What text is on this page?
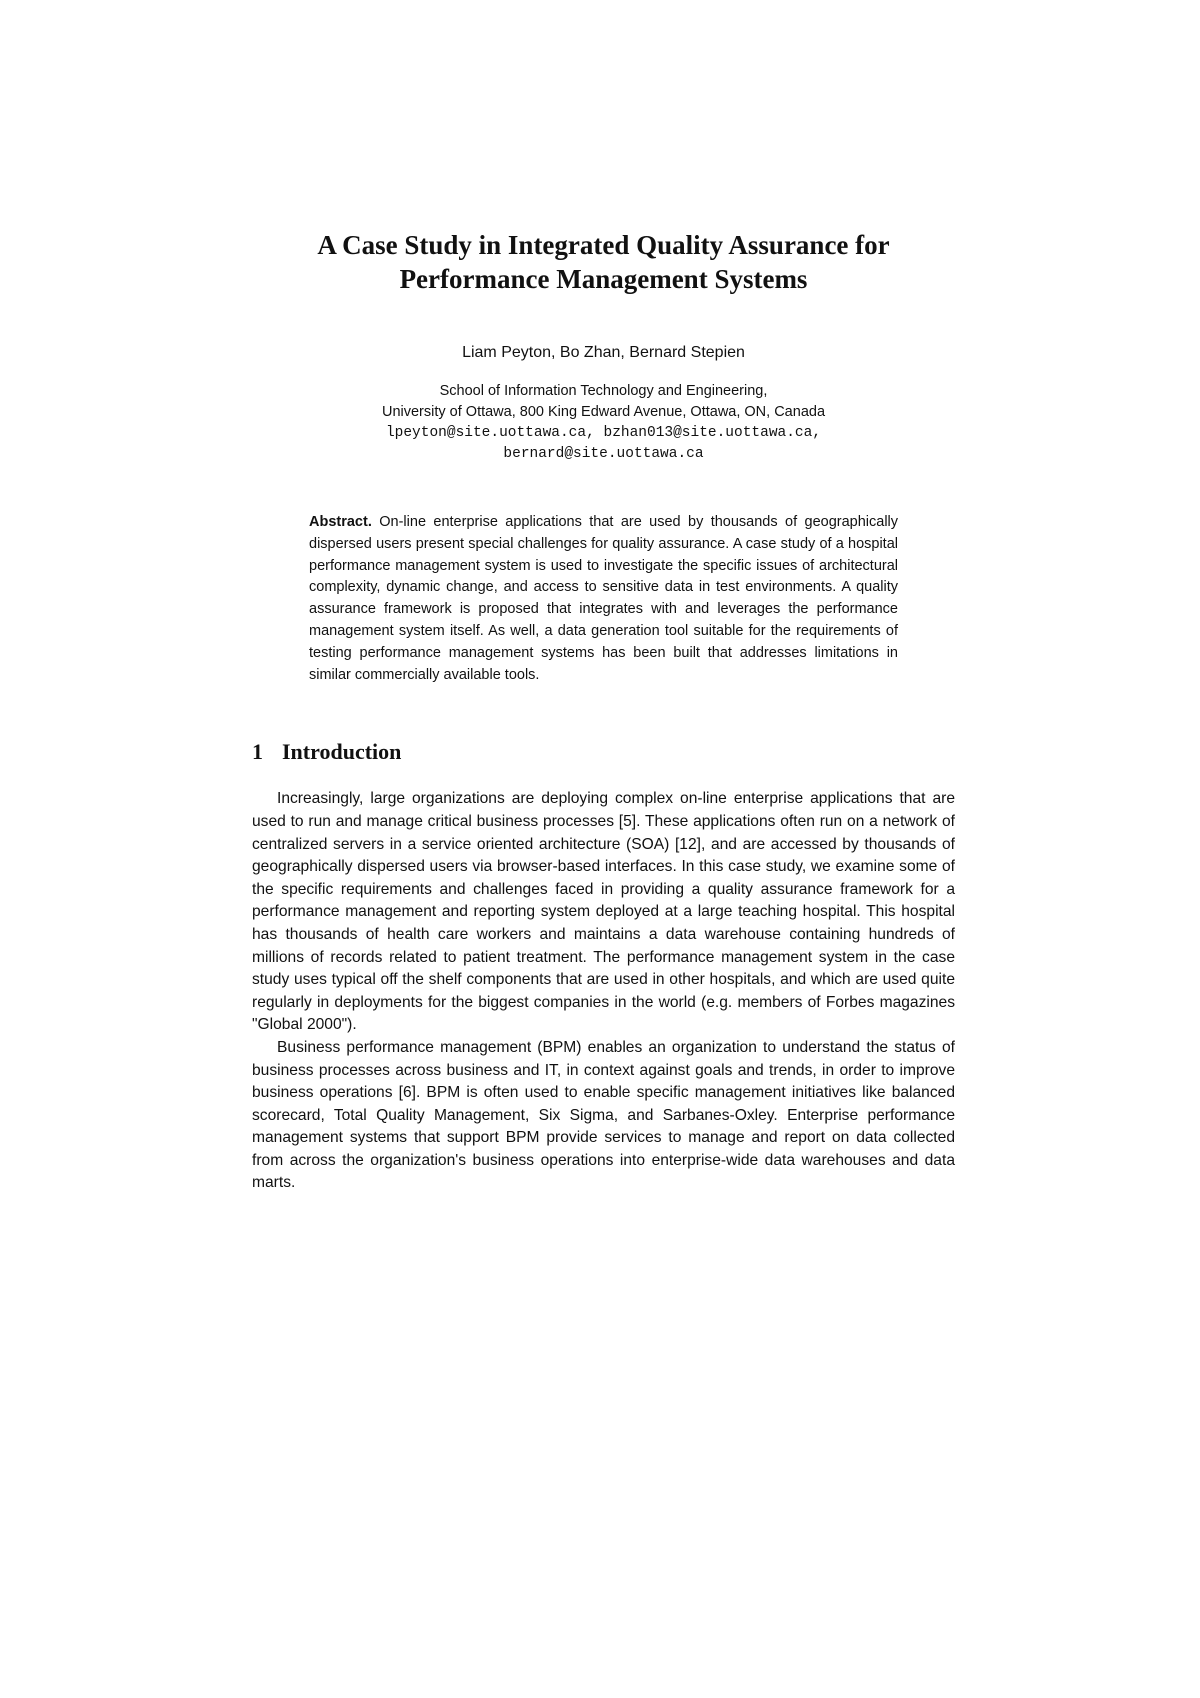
A Case Study in Integrated Quality Assurance for
Performance Management Systems
Liam Peyton, Bo Zhan, Bernard Stepien
School of Information Technology and Engineering,
University of Ottawa, 800 King Edward Avenue, Ottawa, ON, Canada
lpeyton@site.uottawa.ca, bzhan013@site.uottawa.ca,
bernard@site.uottawa.ca
Abstract. On-line enterprise applications that are used by thousands of geographically dispersed users present special challenges for quality assurance. A case study of a hospital performance management system is used to investigate the specific issues of architectural complexity, dynamic change, and access to sensitive data in test environments. A quality assurance framework is proposed that integrates with and leverages the performance management system itself. As well, a data generation tool suitable for the requirements of testing performance management systems has been built that addresses limitations in similar commercially available tools.
1 Introduction

Increasingly, large organizations are deploying complex on-line enterprise applications that are used to run and manage critical business processes [5]. These applications often run on a network of centralized servers in a service oriented architecture (SOA) [12], and are accessed by thousands of geographically dispersed users via browser-based interfaces. In this case study, we examine some of the specific requirements and challenges faced in providing a quality assurance framework for a performance management and reporting system deployed at a large teaching hospital. This hospital has thousands of health care workers and maintains a data warehouse containing hundreds of millions of records related to patient treatment. The performance management system in the case study uses typical off the shelf components that are used in other hospitals, and which are used quite regularly in deployments for the biggest companies in the world (e.g. members of Forbes magazines "Global 2000").

Business performance management (BPM) enables an organization to understand the status of business processes across business and IT, in context against goals and trends, in order to improve business operations [6]. BPM is often used to enable specific management initiatives like balanced scorecard, Total Quality Management, Six Sigma, and Sarbanes-Oxley. Enterprise performance management systems that support BPM provide services to manage and report on data collected from across the organization's business operations into enterprise-wide data warehouses and data marts.
